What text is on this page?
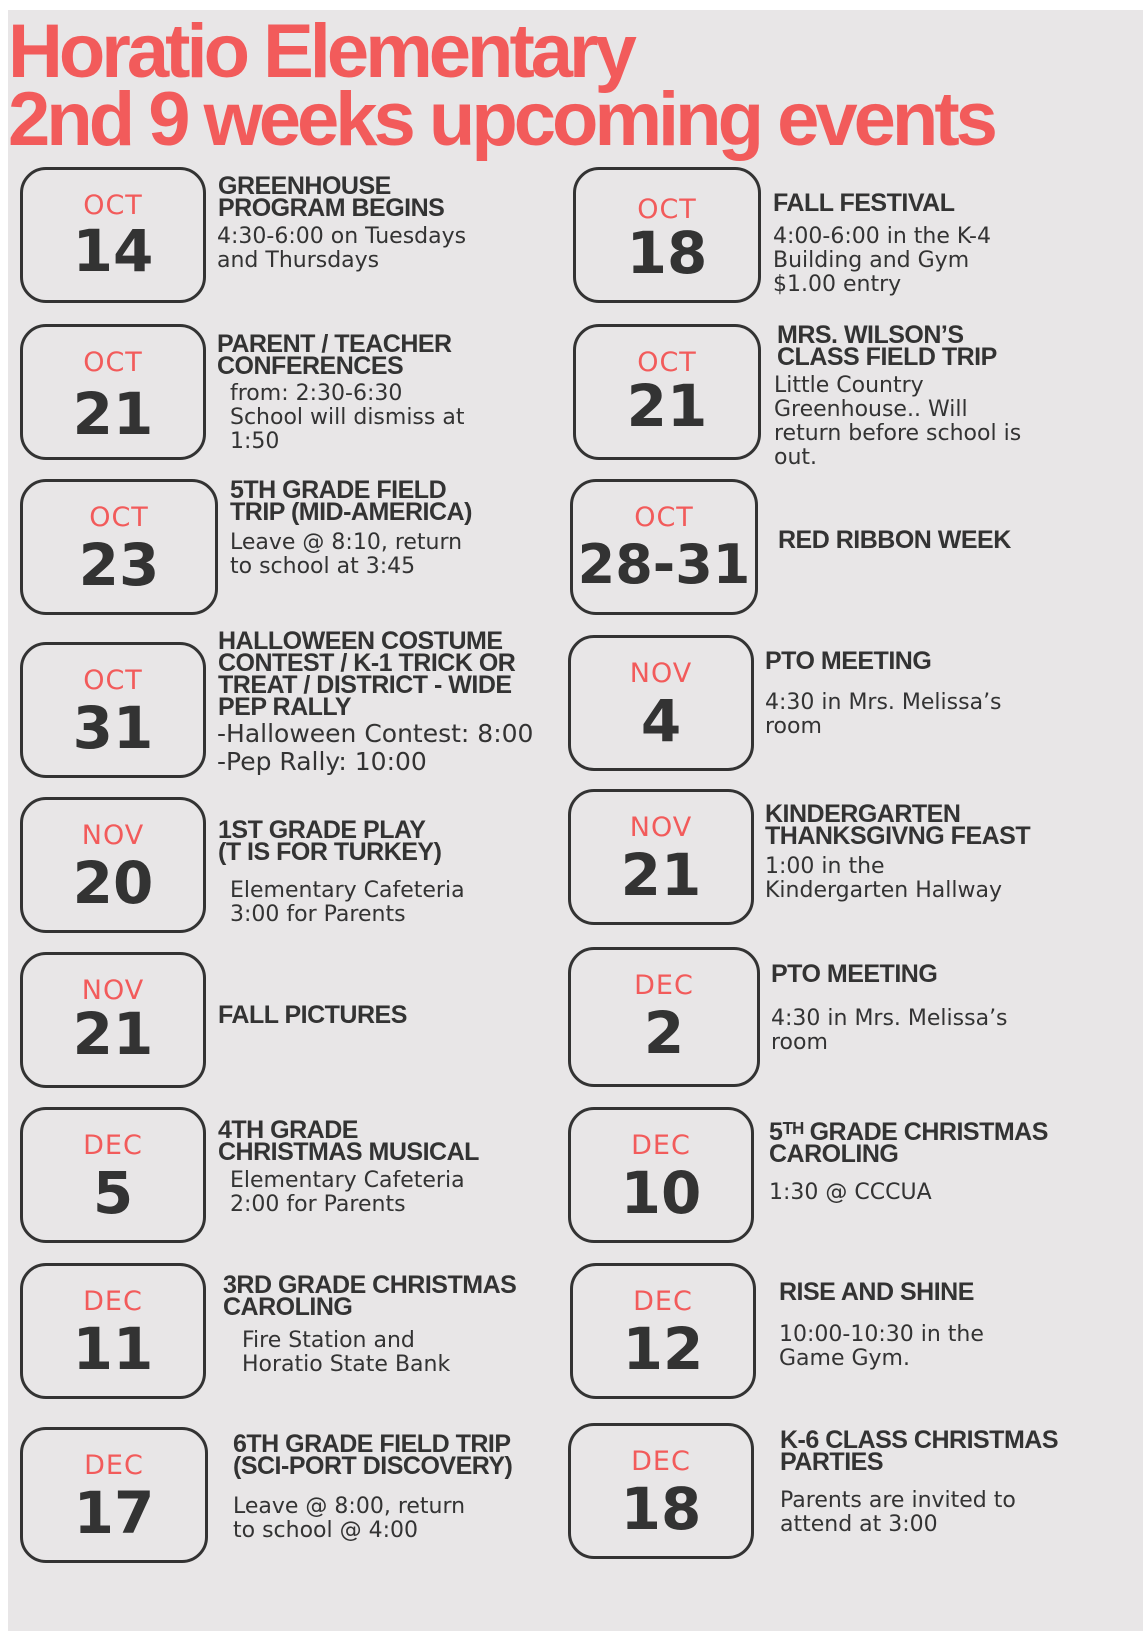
Horatio Elementary
2nd 9 weeks upcoming events
OCT
14
GREENHOUSE
PROGRAM BEGINS
4:30-6:00 on Tuesdays
and Thursdays
OCT
18
FALL FESTIVAL
4:00-6:00 in the K-4
Building and Gym
$1.00 entry
OCT
21
PARENT / TEACHER
CONFERENCES
from: 2:30-6:30
School will dismiss at
1:50
OCT
21
MRS. WILSON’S
CLASS FIELD TRIP
Little Country
Greenhouse.. Will
return before school is
out.
OCT
23
5TH GRADE FIELD
TRIP (MID-AMERICA)
Leave @ 8:10, return
to school at 3:45
OCT
28-31 RED RIBBON WEEK
OCT
31
HALLOWEEN COSTUME
CONTEST / K-1 TRICK OR
TREAT / DISTRICT - WIDE
PEP RALLY
-Halloween Contest: 8:00
-Pep Rally: 10:00
NOV
4
PTO MEETING
4:30 in Mrs. Melissa’s
room
NOV
20
1ST GRADE PLAY
(T IS FOR TURKEY)
Elementary Cafeteria
3:00 for Parents
NOV
21
KINDERGARTEN
THANKSGIVNG FEAST
1:00 in the
Kindergarten Hallway
NOV
21	FALL PICTURES
DEC
2
PTO MEETING
4:30 in Mrs. Melissa’s
room
DEC
5
4TH GRADE
CHRISTMAS MUSICAL
Elementary Cafeteria
2:00 for Parents
DEC
10
5ᵀᴴ GRADE CHRISTMAS
CAROLING
1:30 @ CCCUA
DEC
11
3RD GRADE CHRISTMAS
CAROLING
Fire Station and
Horatio State Bank
DEC
12
RISE AND SHINE
10:00-10:30 in the
Game Gym.
DEC
17
6TH GRADE FIELD TRIP
(SCI-PORT DISCOVERY)
Leave @ 8:00, return
to school @ 4:00
DEC
18
K-6 CLASS CHRISTMAS
PARTIES
Parents are invited to
attend at 3:00
